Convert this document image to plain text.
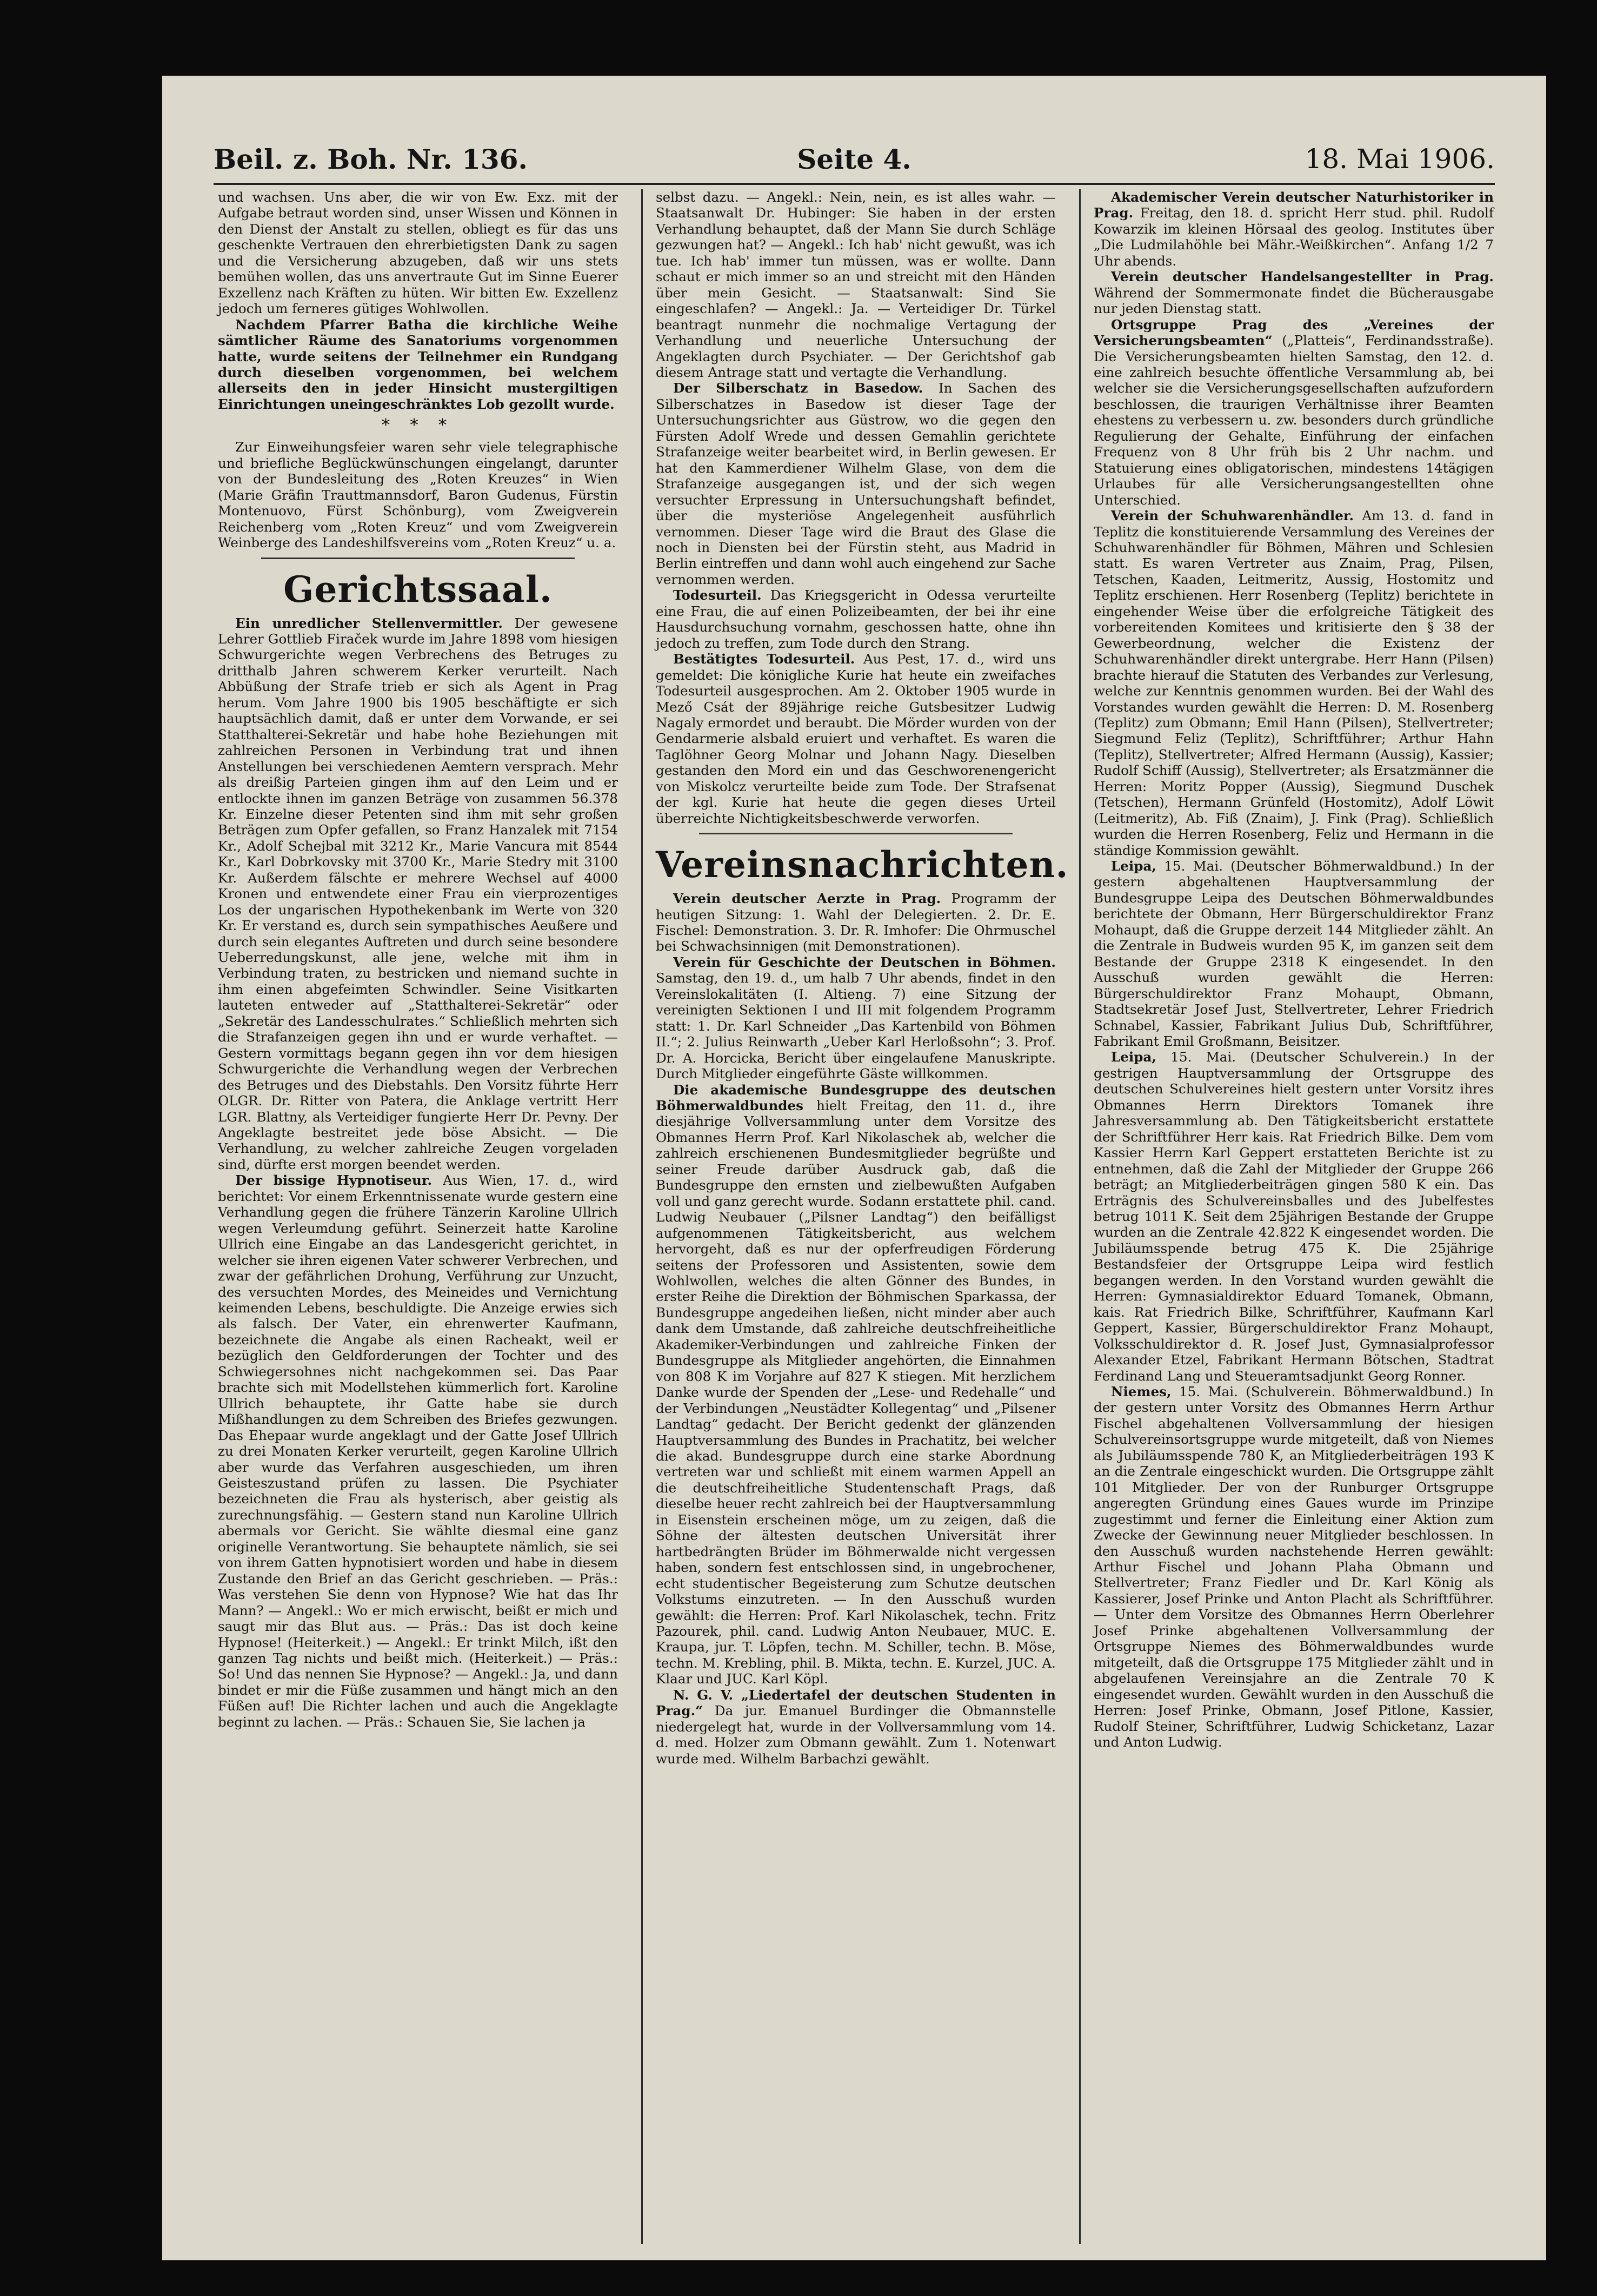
Beil. z. Boh. Nr. 136.	Seite 4.	18. Mai 1906.

und wachsen. Uns aber, die wir von Ew. Exz. mit der Aufgabe betraut worden sind, unser Wissen und Können in den Dienst der Anstalt zu stellen, obliegt es für das uns geschenkte Vertrauen den ehrerbietigsten Dank zu sagen und die Versicherung abzugeben, daß wir uns stets bemühen wollen, das uns anvertraute Gut im Sinne Euerer Exzellenz nach Kräften zu hüten. Wir bitten Ew. Exzellenz jedoch um ferneres gütiges Wohlwollen.

Nachdem Pfarrer Batha die kirchliche Weihe sämtlicher Räume des Sanatoriums vorgenommen hatte, wurde seitens der Teilnehmer ein Rundgang durch dieselben vorgenommen, bei welchem allerseits den in jeder Hinsicht mustergiltigen Einrichtungen uneingeschränktes Lob gezollt wurde.

* * *

Zur Einweihungsfeier waren sehr viele telegraphische und briefliche Beglückwünschungen eingelangt, darunter von der Bundesleitung des „Roten Kreuzes“ in Wien (Marie Gräfin Trauttmannsdorf, Baron Gudenus, Fürstin Montenuovo, Fürst Schönburg), vom Zweigverein Reichenberg vom „Roten Kreuz“ und vom Zweigverein Weinberge des Landeshilfsvereins vom „Roten Kreuz“ u. a.

Gerichtssaal.

Ein unredlicher Stellenvermittler. Der gewesene Lehrer Gottlieb Firaček wurde im Jahre 1898 vom hiesigen Schwurgerichte wegen Verbrechens des Betruges zu dritthalb Jahren schwerem Kerker verurteilt. Nach Abbüßung der Strafe trieb er sich als Agent in Prag herum. Vom Jahre 1900 bis 1905 beschäftigte er sich hauptsächlich damit, daß er unter dem Vorwande, er sei Statthalterei-Sekretär und habe hohe Beziehungen mit zahlreichen Personen in Verbindung trat und ihnen Anstellungen bei verschiedenen Aemtern versprach. Mehr als dreißig Parteien gingen ihm auf den Leim und er entlockte ihnen im ganzen Beträge von zusammen 56.378 Kr. Einzelne dieser Petenten sind ihm mit sehr großen Beträgen zum Opfer gefallen, so Franz Hanzalek mit 7154 Kr., Adolf Schejbal mit 3212 Kr., Marie Vancura mit 8544 Kr., Karl Dobrkovsky mit 3700 Kr., Marie Stedry mit 3100 Kr. Außerdem fälschte er mehrere Wechsel auf 4000 Kronen und entwendete einer Frau ein vierprozentiges Los der ungarischen Hypothekenbank im Werte von 320 Kr. Er verstand es, durch sein sympathisches Aeußere und durch sein elegantes Auftreten und durch seine besondere Ueberredungskunst, alle jene, welche mit ihm in Verbindung traten, zu bestricken und niemand suchte in ihm einen abgefeimten Schwindler. Seine Visitkarten lauteten entweder auf „Statthalterei-Sekretär“ oder „Sekretär des Landesschulrates.“ Schließlich mehrten sich die Strafanzeigen gegen ihn und er wurde verhaftet. — Gestern vormittags begann gegen ihn vor dem hiesigen Schwurgerichte die Verhandlung wegen der Verbrechen des Betruges und des Diebstahls. Den Vorsitz führte Herr OLGR. Dr. Ritter von Patera, die Anklage vertritt Herr LGR. Blattny, als Verteidiger fungierte Herr Dr. Pevny. Der Angeklagte bestreitet jede böse Absicht. — Die Verhandlung, zu welcher zahlreiche Zeugen vorgeladen sind, dürfte erst morgen beendet werden.

Der bissige Hypnotiseur. Aus Wien, 17. d., wird berichtet: Vor einem Erkenntnissenate wurde gestern eine Verhandlung gegen die frühere Tänzerin Karoline Ullrich wegen Verleumdung geführt. Seinerzeit hatte Karoline Ullrich eine Eingabe an das Landesgericht gerichtet, in welcher sie ihren eigenen Vater schwerer Verbrechen, und zwar der gefährlichen Drohung, Verführung zur Unzucht, des versuchten Mordes, des Meineides und Vernichtung keimenden Lebens, beschuldigte. Die Anzeige erwies sich als falsch. Der Vater, ein ehrenwerter Kaufmann, bezeichnete die Angabe als einen Racheakt, weil er bezüglich den Geldforderungen der Tochter und des Schwiegersohnes nicht nachgekommen sei. Das Paar brachte sich mit Modellstehen kümmerlich fort. Karoline Ullrich behauptete, ihr Gatte habe sie durch Mißhandlungen zu dem Schreiben des Briefes gezwungen. Das Ehepaar wurde angeklagt und der Gatte Josef Ullrich zu drei Monaten Kerker verurteilt, gegen Karoline Ullrich aber wurde das Verfahren ausgeschieden, um ihren Geisteszustand prüfen zu lassen. Die Psychiater bezeichneten die Frau als hysterisch, aber geistig als zurechnungsfähig. — Gestern stand nun Karoline Ullrich abermals vor Gericht. Sie wählte diesmal eine ganz originelle Verantwortung. Sie behauptete nämlich, sie sei von ihrem Gatten hypnotisiert worden und habe in diesem Zustande den Brief an das Gericht geschrieben. — Präs.: Was verstehen Sie denn von Hypnose? Wie hat das Ihr Mann? — Angekl.: Wo er mich erwischt, beißt er mich und saugt mir das Blut aus. — Präs.: Das ist doch keine Hypnose! (Heiterkeit.) — Angekl.: Er trinkt Milch, ißt den ganzen Tag nichts und beißt mich. (Heiterkeit.) — Präs.: So! Und das nennen Sie Hypnose? — Angekl.: Ja, und dann bindet er mir die Füße zusammen und hängt mich an den Füßen auf! Die Richter lachen und auch die Angeklagte beginnt zu lachen. — Präs.: Schauen Sie, Sie lachen ja

selbst dazu. — Angekl.: Nein, nein, es ist alles wahr. — Staatsanwalt Dr. Hubinger: Sie haben in der ersten Verhandlung behauptet, daß der Mann Sie durch Schläge gezwungen hat? — Angekl.: Ich hab' nicht gewußt, was ich tue. Ich hab' immer tun müssen, was er wollte. Dann schaut er mich immer so an und streicht mit den Händen über mein Gesicht. — Staatsanwalt: Sind Sie eingeschlafen? — Angekl.: Ja. — Verteidiger Dr. Türkel beantragt nunmehr die nochmalige Vertagung der Verhandlung und neuerliche Untersuchung der Angeklagten durch Psychiater. — Der Gerichtshof gab diesem Antrage statt und vertagte die Verhandlung.

Der Silberschatz in Basedow. In Sachen des Silberschatzes in Basedow ist dieser Tage der Untersuchungsrichter aus Güstrow, wo die gegen den Fürsten Adolf Wrede und dessen Gemahlin gerichtete Strafanzeige weiter bearbeitet wird, in Berlin gewesen. Er hat den Kammerdiener Wilhelm Glase, von dem die Strafanzeige ausgegangen ist, und der sich wegen versuchter Erpressung in Untersuchungshaft befindet, über die mysteriöse Angelegenheit ausführlich vernommen. Dieser Tage wird die Braut des Glase die noch in Diensten bei der Fürstin steht, aus Madrid in Berlin eintreffen und dann wohl auch eingehend zur Sache vernommen werden.

Todesurteil. Das Kriegsgericht in Odessa verurteilte eine Frau, die auf einen Polizeibeamten, der bei ihr eine Hausdurchsuchung vornahm, geschossen hatte, ohne ihn jedoch zu treffen, zum Tode durch den Strang.

Bestätigtes Todesurteil. Aus Pest, 17. d., wird uns gemeldet: Die königliche Kurie hat heute ein zweifaches Todesurteil ausgesprochen. Am 2. Oktober 1905 wurde in Mező Csát der 89jährige reiche Gutsbesitzer Ludwig Nagaly ermordet und beraubt. Die Mörder wurden von der Gendarmerie alsbald eruiert und verhaftet. Es waren die Taglöhner Georg Molnar und Johann Nagy. Dieselben gestanden den Mord ein und das Geschworenengericht von Miskolcz verurteilte beide zum Tode. Der Strafsenat der kgl. Kurie hat heute die gegen dieses Urteil überreichte Nichtigkeitsbeschwerde verworfen.

Vereinsnachrichten.

Verein deutscher Aerzte in Prag. Programm der heutigen Sitzung: 1. Wahl der Delegierten. 2. Dr. E. Fischel: Demonstration. 3. Dr. R. Imhofer: Die Ohrmuschel bei Schwachsinnigen (mit Demonstrationen).

Verein für Geschichte der Deutschen in Böhmen. Samstag, den 19. d., um halb 7 Uhr abends, findet in den Vereinslokalitäten (I. Altieng. 7) eine Sitzung der vereinigten Sektionen I und III mit folgendem Programm statt: 1. Dr. Karl Schneider „Das Kartenbild von Böhmen II.“; 2. Julius Reinwarth „Ueber Karl Herloßsohn“; 3. Prof. Dr. A. Horcicka, Bericht über eingelaufene Manuskripte. Durch Mitglieder eingeführte Gäste willkommen.

Die akademische Bundesgruppe des deutschen Böhmerwaldbundes hielt Freitag, den 11. d., ihre diesjährige Vollversammlung unter dem Vorsitze des Obmannes Herrn Prof. Karl Nikolaschek ab, welcher die zahlreich erschienenen Bundesmitglieder begrüßte und seiner Freude darüber Ausdruck gab, daß die Bundesgruppe den ernsten und zielbewußten Aufgaben voll und ganz gerecht wurde. Sodann erstattete phil. cand. Ludwig Neubauer („Pilsner Landtag“) den beifälligst aufgenommenen Tätigkeitsbericht, aus welchem hervorgeht, daß es nur der opferfreudigen Förderung seitens der Professoren und Assistenten, sowie dem Wohlwollen, welches die alten Gönner des Bundes, in erster Reihe die Direktion der Böhmischen Sparkassa, der Bundesgruppe angedeihen ließen, nicht minder aber auch dank dem Umstande, daß zahlreiche deutschfreiheitliche Akademiker-Verbindungen und zahlreiche Finken der Bundesgruppe als Mitglieder angehörten, die Einnahmen von 808 K im Vorjahre auf 827 K stiegen. Mit herzlichem Danke wurde der Spenden der „Lese- und Redehalle“ und der Verbindungen „Neustädter Kollegentag“ und „Pilsener Landtag“ gedacht. Der Bericht gedenkt der glänzenden Hauptversammlung des Bundes in Prachatitz, bei welcher die akad. Bundesgruppe durch eine starke Abordnung vertreten war und schließt mit einem warmen Appell an die deutschfreiheitliche Studentenschaft Prags, daß dieselbe heuer recht zahlreich bei der Hauptversammlung in Eisenstein erscheinen möge, um zu zeigen, daß die Söhne der ältesten deutschen Universität ihrer hartbedrängten Brüder im Böhmerwalde nicht vergessen haben, sondern fest entschlossen sind, in ungebrochener, echt studentischer Begeisterung zum Schutze deutschen Volkstums einzutreten. — In den Ausschuß wurden gewählt: die Herren: Prof. Karl Nikolaschek, techn. Fritz Pazourek, phil. cand. Ludwig Anton Neubauer, MUC. E. Kraupa, jur. T. Löpfen, techn. M. Schiller, techn. B. Möse, techn. M. Krebling, phil. B. Mikta, techn. E. Kurzel, JUC. A. Klaar und JUC. Karl Köpl.

N. G. V. „Liedertafel der deutschen Studenten in Prag.“ Da jur. Emanuel Burdinger die Obmannstelle niedergelegt hat, wurde in der Vollversammlung vom 14. d. med. Holzer zum Obmann gewählt. Zum 1. Notenwart wurde med. Wilhelm Barbachzi gewählt.

Akademischer Verein deutscher Naturhistoriker in Prag. Freitag, den 18. d. spricht Herr stud. phil. Rudolf Kowarzik im kleinen Hörsaal des geolog. Institutes über „Die Ludmilahöhle bei Mähr.-Weißkirchen“. Anfang 1/2 7 Uhr abends.

Verein deutscher Handelsangestellter in Prag. Während der Sommermonate findet die Bücherausgabe nur jeden Dienstag statt.

Ortsgruppe Prag des „Vereines der Versicherungsbeamten“ („Platteis“, Ferdinandsstraße). Die Versicherungsbeamten hielten Samstag, den 12. d. eine zahlreich besuchte öffentliche Versammlung ab, bei welcher sie die Versicherungsgesellschaften aufzufordern beschlossen, die traurigen Verhältnisse ihrer Beamten ehestens zu verbessern u. zw. besonders durch gründliche Regulierung der Gehalte, Einführung der einfachen Frequenz von 8 Uhr früh bis 2 Uhr nachm. und Statuierung eines obligatorischen, mindestens 14tägigen Urlaubes für alle Versicherungsangestellten ohne Unterschied.

Verein der Schuhwarenhändler. Am 13. d. fand in Teplitz die konstituierende Versammlung des Vereines der Schuhwarenhändler für Böhmen, Mähren und Schlesien statt. Es waren Vertreter aus Znaim, Prag, Pilsen, Tetschen, Kaaden, Leitmeritz, Aussig, Hostomitz und Teplitz erschienen. Herr Rosenberg (Teplitz) berichtete in eingehender Weise über die erfolgreiche Tätigkeit des vorbereitenden Komitees und kritisierte den § 38 der Gewerbeordnung, welcher die Existenz der Schuhwarenhändler direkt untergrabe. Herr Hann (Pilsen) brachte hierauf die Statuten des Verbandes zur Verlesung, welche zur Kenntnis genommen wurden. Bei der Wahl des Vorstandes wurden gewählt die Herren: D. M. Rosenberg (Teplitz) zum Obmann; Emil Hann (Pilsen), Stellvertreter; Siegmund Feliz (Teplitz), Schriftführer; Arthur Hahn (Teplitz), Stellvertreter; Alfred Hermann (Aussig), Kassier; Rudolf Schiff (Aussig), Stellvertreter; als Ersatzmänner die Herren: Moritz Popper (Aussig), Siegmund Duschek (Tetschen), Hermann Grünfeld (Hostomitz), Adolf Löwit (Leitmeritz), Ab. Fiß (Znaim), J. Fink (Prag). Schließlich wurden die Herren Rosenberg, Feliz und Hermann in die ständige Kommission gewählt.

Leipa, 15. Mai. (Deutscher Böhmerwaldbund.) In der gestern abgehaltenen Hauptversammlung der Bundesgruppe Leipa des Deutschen Böhmerwaldbundes berichtete der Obmann, Herr Bürgerschuldirektor Franz Mohaupt, daß die Gruppe derzeit 144 Mitglieder zählt. An die Zentrale in Budweis wurden 95 K, im ganzen seit dem Bestande der Gruppe 2318 K eingesendet. In den Ausschuß wurden gewählt die Herren: Bürgerschuldirektor Franz Mohaupt, Obmann, Stadtsekretär Josef Just, Stellvertreter, Lehrer Friedrich Schnabel, Kassier, Fabrikant Julius Dub, Schriftführer, Fabrikant Emil Großmann, Beisitzer.

Leipa, 15. Mai. (Deutscher Schulverein.) In der gestrigen Hauptversammlung der Ortsgruppe des deutschen Schulvereines hielt gestern unter Vorsitz ihres Obmannes Herrn Direktors Tomanek ihre Jahresversammlung ab. Den Tätigkeitsbericht erstattete der Schriftführer Herr kais. Rat Friedrich Bilke. Dem vom Kassier Herrn Karl Geppert erstatteten Berichte ist zu entnehmen, daß die Zahl der Mitglieder der Gruppe 266 beträgt; an Mitgliederbeiträgen gingen 580 K ein. Das Erträgnis des Schulvereinsballes und des Jubelfestes betrug 1011 K. Seit dem 25jährigen Bestande der Gruppe wurden an die Zentrale 42.822 K eingesendet worden. Die Jubiläumsspende betrug 475 K. Die 25jährige Bestandsfeier der Ortsgruppe Leipa wird festlich begangen werden. In den Vorstand wurden gewählt die Herren: Gymnasialdirektor Eduard Tomanek, Obmann, kais. Rat Friedrich Bilke, Schriftführer, Kaufmann Karl Geppert, Kassier, Bürgerschuldirektor Franz Mohaupt, Volksschuldirektor d. R. Josef Just, Gymnasialprofessor Alexander Etzel, Fabrikant Hermann Bötschen, Stadtrat Ferdinand Lang und Steueramtsadjunkt Georg Ronner.

Niemes, 15. Mai. (Schulverein. Böhmerwaldbund.) In der gestern unter Vorsitz des Obmannes Herrn Arthur Fischel abgehaltenen Vollversammlung der hiesigen Schulvereinsortsgruppe wurde mitgeteilt, daß von Niemes als Jubiläumsspende 780 K, an Mitgliederbeiträgen 193 K an die Zentrale eingeschickt wurden. Die Ortsgruppe zählt 101 Mitglieder. Der von der Runburger Ortsgruppe angeregten Gründung eines Gaues wurde im Prinzipe zugestimmt und ferner die Einleitung einer Aktion zum Zwecke der Gewinnung neuer Mitglieder beschlossen. In den Ausschuß wurden nachstehende Herren gewählt: Arthur Fischel und Johann Plaha Obmann und Stellvertreter; Franz Fiedler und Dr. Karl König als Kassierer, Josef Prinke und Anton Placht als Schriftführer. — Unter dem Vorsitze des Obmannes Herrn Oberlehrer Josef Prinke abgehaltenen Vollversammlung der Ortsgruppe Niemes des Böhmerwaldbundes wurde mitgeteilt, daß die Ortsgruppe 175 Mitglieder zählt und in abgelaufenen Vereinsjahre an die Zentrale 70 K eingesendet wurden. Gewählt wurden in den Ausschuß die Herren: Josef Prinke, Obmann, Josef Pitlone, Kassier, Rudolf Steiner, Schriftführer, Ludwig Schicketanz, Lazar und Anton Ludwig.
